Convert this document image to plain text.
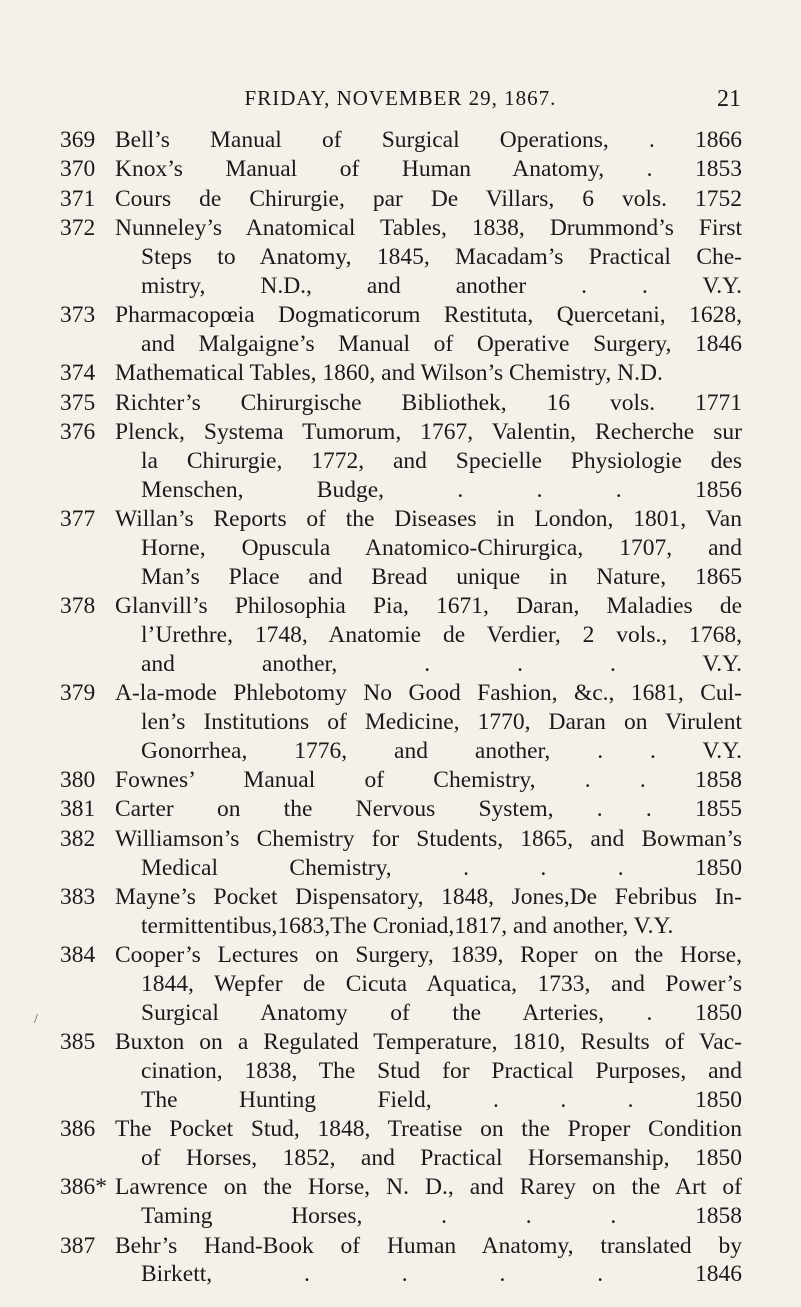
FRIDAY, NOVEMBER 29, 1867.	21
/
369 Bell’s Manual of Surgical Operations, . 1866
370 Knox’s Manual of Human Anatomy, . 1853
371 Cours de Chirurgie, par De Villars, 6 vols. 1752
372 Nunneley’s Anatomical Tables, 1838, Drummond’s First
Steps to Anatomy, 1845, Macadam’s Practical Che-
mistry, N.D., and another . . V.Y.
373 Pharmacopœia Dogmaticorum Restituta, Quercetani, 1628,
and Malgaigne’s Manual of Operative Surgery, 1846
374 Mathematical Tables, 1860, and Wilson’s Chemistry, N.D.
375 Richter’s Chirurgische Bibliothek, 16 vols. 1771
376 Plenck, Systema Tumorum, 1767, Valentin, Recherche sur
la Chirurgie, 1772, and Specielle Physiologie des
Menschen, Budge, . . . 1856
377 Willan’s Reports of the Diseases in London, 1801, Van
Horne, Opuscula Anatomico-Chirurgica, 1707, and
Man’s Place and Bread unique in Nature, 1865
378 Glanvill’s Philosophia Pia, 1671, Daran, Maladies de
l’Urethre, 1748, Anatomie de Verdier, 2 vols., 1768,
and another, . . . V.Y.
379 A-la-mode Phlebotomy No Good Fashion, &c., 1681, Cul-
len’s Institutions of Medicine, 1770, Daran on Virulent
Gonorrhea, 1776, and another, . . V.Y.
380 Fownes’ Manual of Chemistry, . . 1858
381 Carter on the Nervous System, . . 1855
382 Williamson’s Chemistry for Students, 1865, and Bowman’s
Medical Chemistry, . . . 1850
383 Mayne’s Pocket Dispensatory, 1848, Jones,De Febribus In-
termittentibus,1683,The Croniad,1817, and another, V.Y.
384 Cooper’s Lectures on Surgery, 1839, Roper on the Horse,
1844, Wepfer de Cicuta Aquatica, 1733, and Power’s
Surgical Anatomy of the Arteries, . 1850
385 Buxton on a Regulated Temperature, 1810, Results of Vac-
cination, 1838, The Stud for Practical Purposes, and
The Hunting Field, . . . 1850
386 The Pocket Stud, 1848, Treatise on the Proper Condition
of Horses, 1852, and Practical Horsemanship, 1850
386* Lawrence on the Horse, N. D., and Rarey on the Art of
Taming Horses, . . . 1858
387 Behr’s Hand-Book of Human Anatomy, translated by
Birkett, . . . . 1846
